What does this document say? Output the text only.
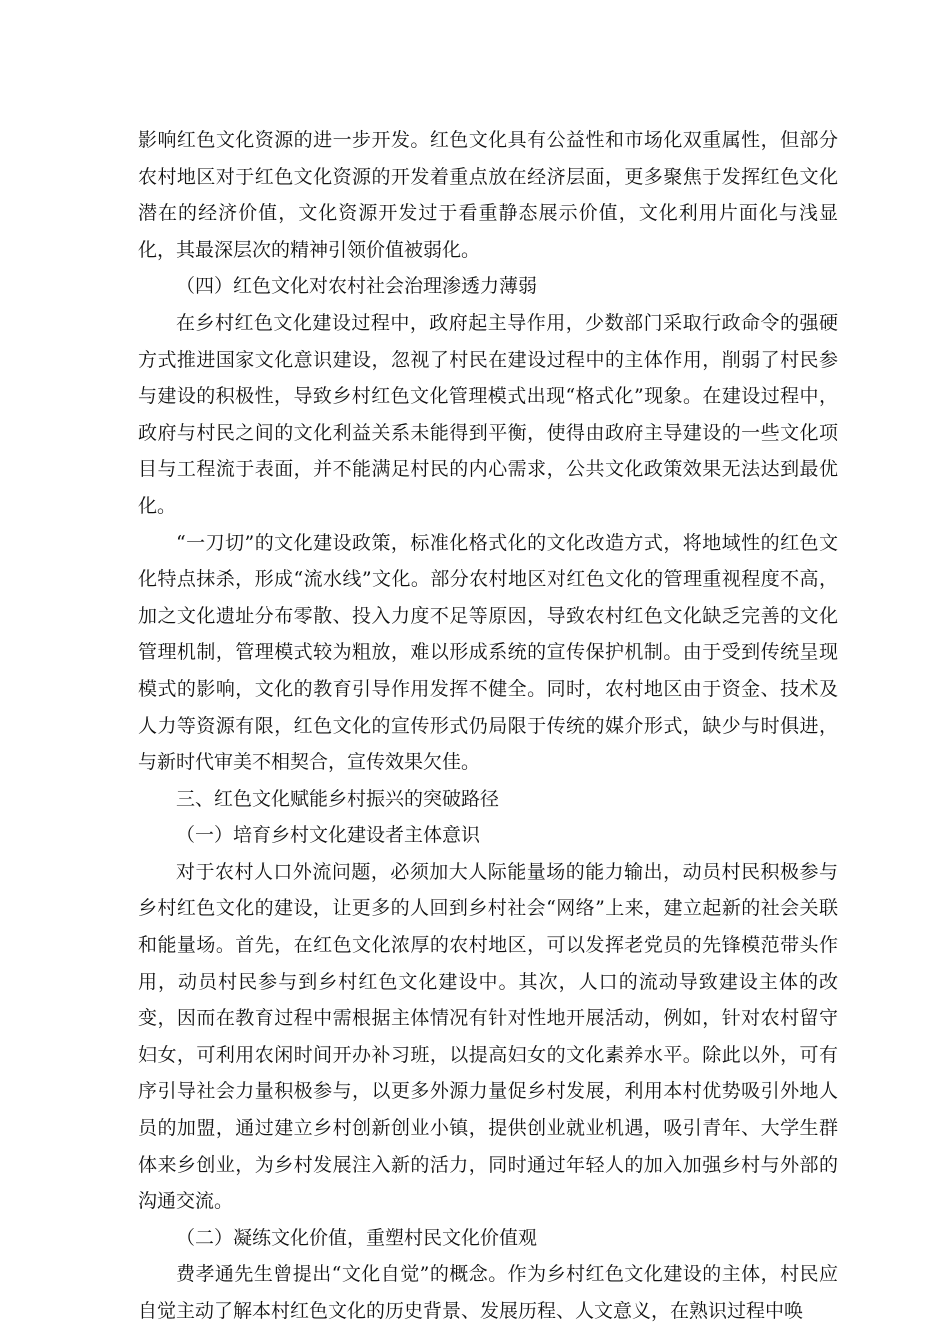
影响红色文化资源的进一步开发。红色文化具有公益性和市场化双重属性，但部分农村地区对于红色文化资源的开发着重点放在经济层面，更多聚焦于发挥红色文化潜在的经济价值，文化资源开发过于看重静态展示价值，文化利用片面化与浅显化，其最深层次的精神引领价值被弱化。

（四）红色文化对农村社会治理渗透力薄弱

在乡村红色文化建设过程中，政府起主导作用，少数部门采取行政命令的强硬方式推进国家文化意识建设，忽视了村民在建设过程中的主体作用，削弱了村民参与建设的积极性，导致乡村红色文化管理模式出现“格式化”现象。在建设过程中，政府与村民之间的文化利益关系未能得到平衡，使得由政府主导建设的一些文化项目与工程流于表面，并不能满足村民的内心需求，公共文化政策效果无法达到最优化。

“一刀切”的文化建设政策，标准化格式化的文化改造方式，将地域性的红色文化特点抹杀，形成“流水线”文化。部分农村地区对红色文化的管理重视程度不高，加之文化遗址分布零散、投入力度不足等原因，导致农村红色文化缺乏完善的文化管理机制，管理模式较为粗放，难以形成系统的宣传保护机制。由于受到传统呈现模式的影响，文化的教育引导作用发挥不健全。同时，农村地区由于资金、技术及人力等资源有限，红色文化的宣传形式仍局限于传统的媒介形式，缺少与时俱进，与新时代审美不相契合，宣传效果欠佳。

三、红色文化赋能乡村振兴的突破路径

（一）培育乡村文化建设者主体意识

对于农村人口外流问题，必须加大人际能量场的能力输出，动员村民积极参与乡村红色文化的建设，让更多的人回到乡村社会“网络”上来，建立起新的社会关联和能量场。首先，在红色文化浓厚的农村地区，可以发挥老党员的先锋模范带头作用，动员村民参与到乡村红色文化建设中。其次，人口的流动导致建设主体的改变，因而在教育过程中需根据主体情况有针对性地开展活动，例如，针对农村留守妇女，可利用农闲时间开办补习班，以提高妇女的文化素养水平。除此以外，可有序引导社会力量积极参与，以更多外源力量促乡村发展，利用本村优势吸引外地人员的加盟，通过建立乡村创新创业小镇，提供创业就业机遇，吸引青年、大学生群体来乡创业，为乡村发展注入新的活力，同时通过年轻人的加入加强乡村与外部的沟通交流。

（二）凝练文化价值，重塑村民文化价值观

费孝通先生曾提出“文化自觉”的概念。作为乡村红色文化建设的主体，村民应自觉主动了解本村红色文化的历史背景、发展历程、人文意义，在熟识过程中唤
